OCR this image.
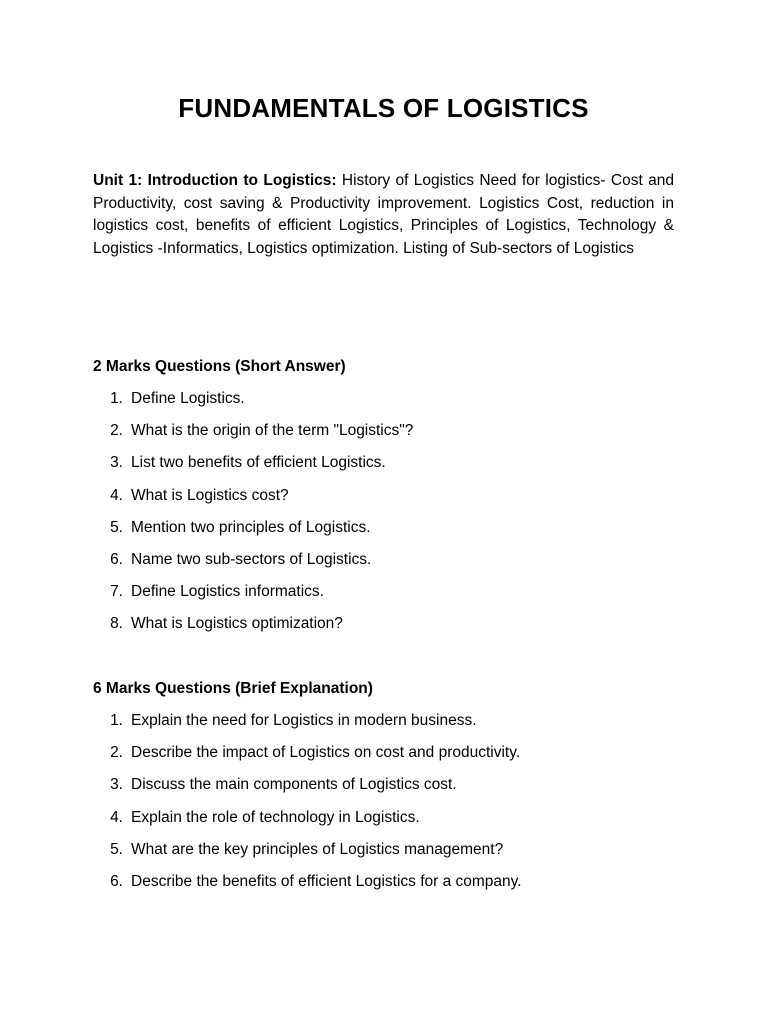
FUNDAMENTALS OF LOGISTICS

Unit 1: Introduction to Logistics: History of Logistics Need for logistics- Cost and Productivity, cost saving & Productivity improvement. Logistics Cost, reduction in logistics cost, benefits of efficient Logistics, Principles of Logistics, Technology & Logistics -Informatics, Logistics optimization. Listing of Sub-sectors of Logistics

2 Marks Questions (Short Answer)
1. Define Logistics.
2. What is the origin of the term "Logistics"?
3. List two benefits of efficient Logistics.
4. What is Logistics cost?
5. Mention two principles of Logistics.
6. Name two sub-sectors of Logistics.
7. Define Logistics informatics.
8. What is Logistics optimization?
6 Marks Questions (Brief Explanation)
1. Explain the need for Logistics in modern business.
2. Describe the impact of Logistics on cost and productivity.
3. Discuss the main components of Logistics cost.
4. Explain the role of technology in Logistics.
5. What are the key principles of Logistics management?
6. Describe the benefits of efficient Logistics for a company.
